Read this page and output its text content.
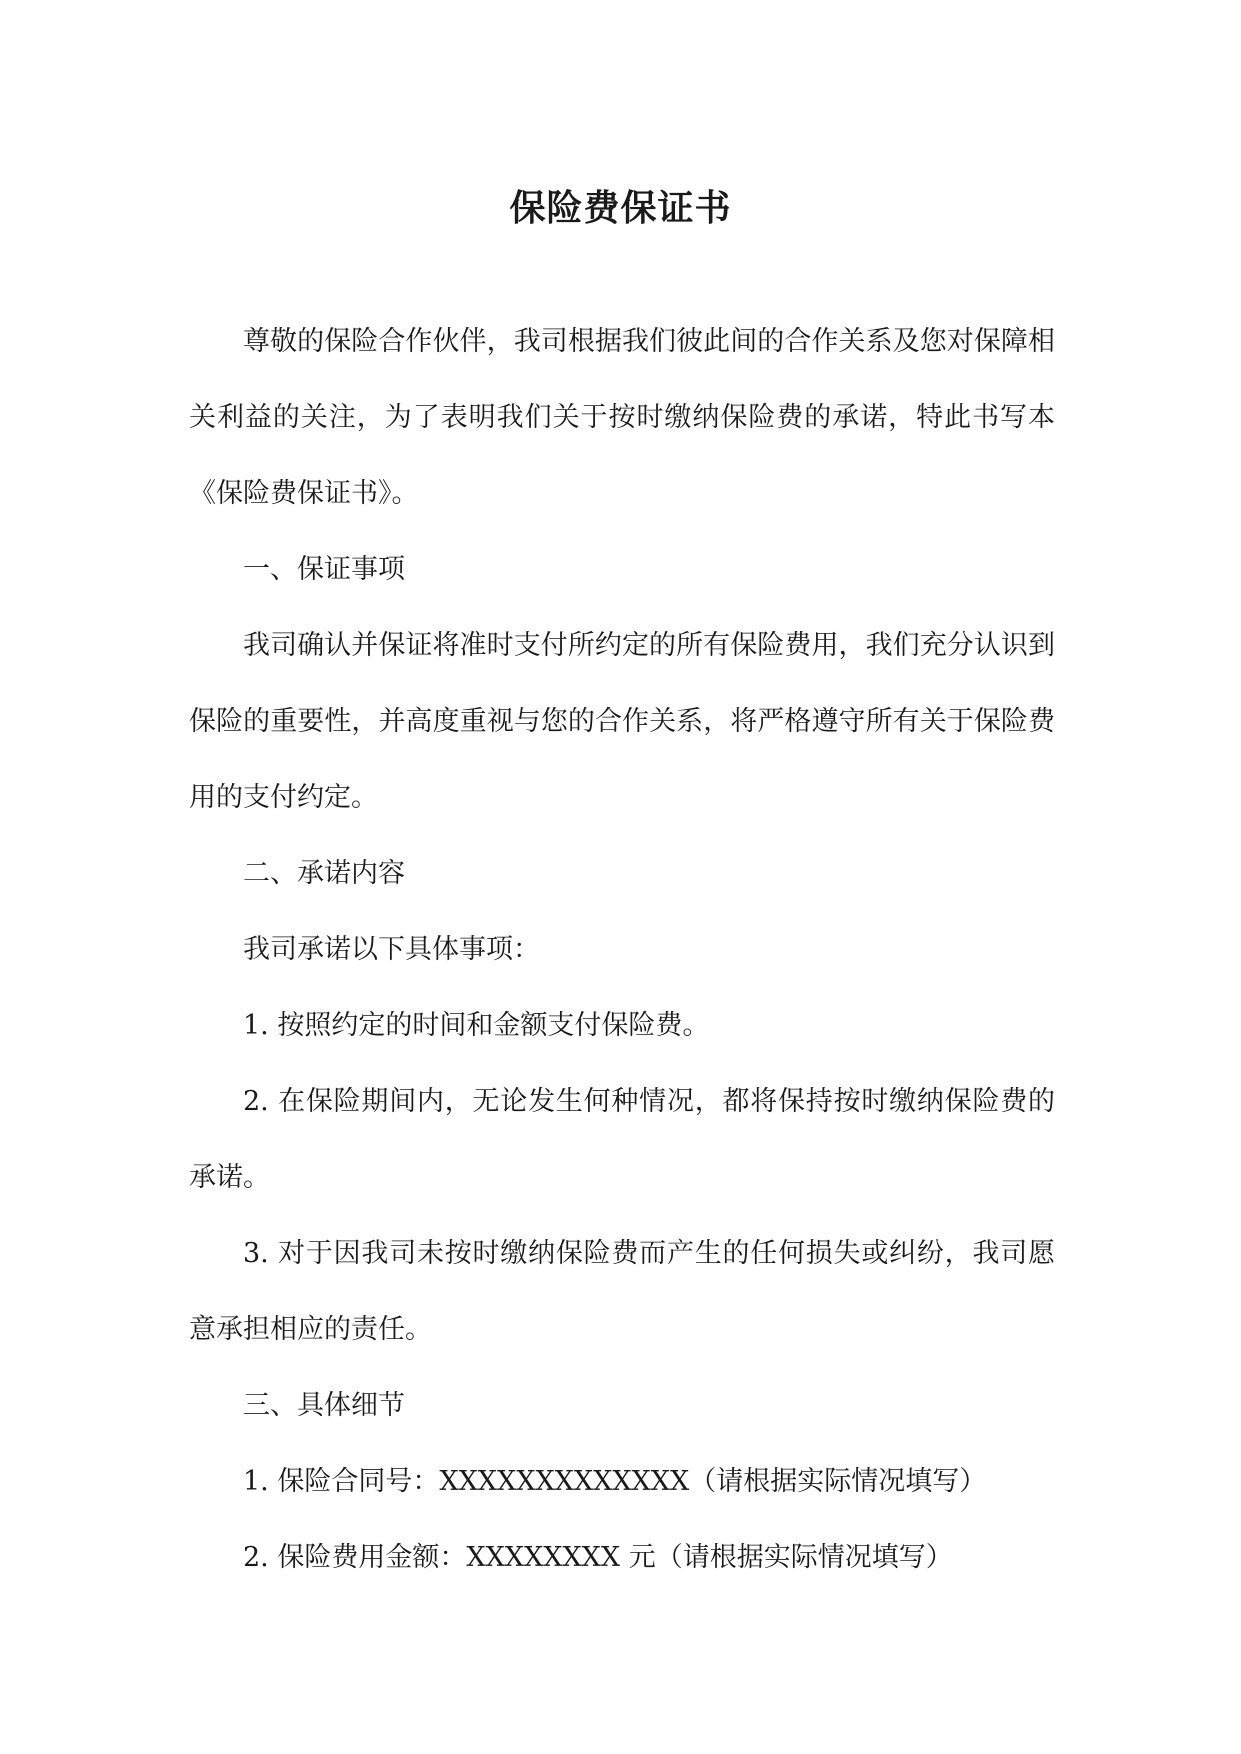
保险费保证书

尊敬的保险合作伙伴，我司根据我们彼此间的合作关系及您对保障相关利益的关注，为了表明我们关于按时缴纳保险费的承诺，特此书写本《保险费保证书》。

一、保证事项

我司确认并保证将准时支付所约定的所有保险费用，我们充分认识到保险的重要性，并高度重视与您的合作关系，将严格遵守所有关于保险费用的支付约定。

二、承诺内容

我司承诺以下具体事项：

1. 按照约定的时间和金额支付保险费。

2. 在保险期间内，无论发生何种情况，都将保持按时缴纳保险费的承诺。

3. 对于因我司未按时缴纳保险费而产生的任何损失或纠纷，我司愿意承担相应的责任。

三、具体细节

1. 保险合同号：XXXXXXXXXXXXX（请根据实际情况填写）

2. 保险费用金额：XXXXXXXX 元（请根据实际情况填写）
